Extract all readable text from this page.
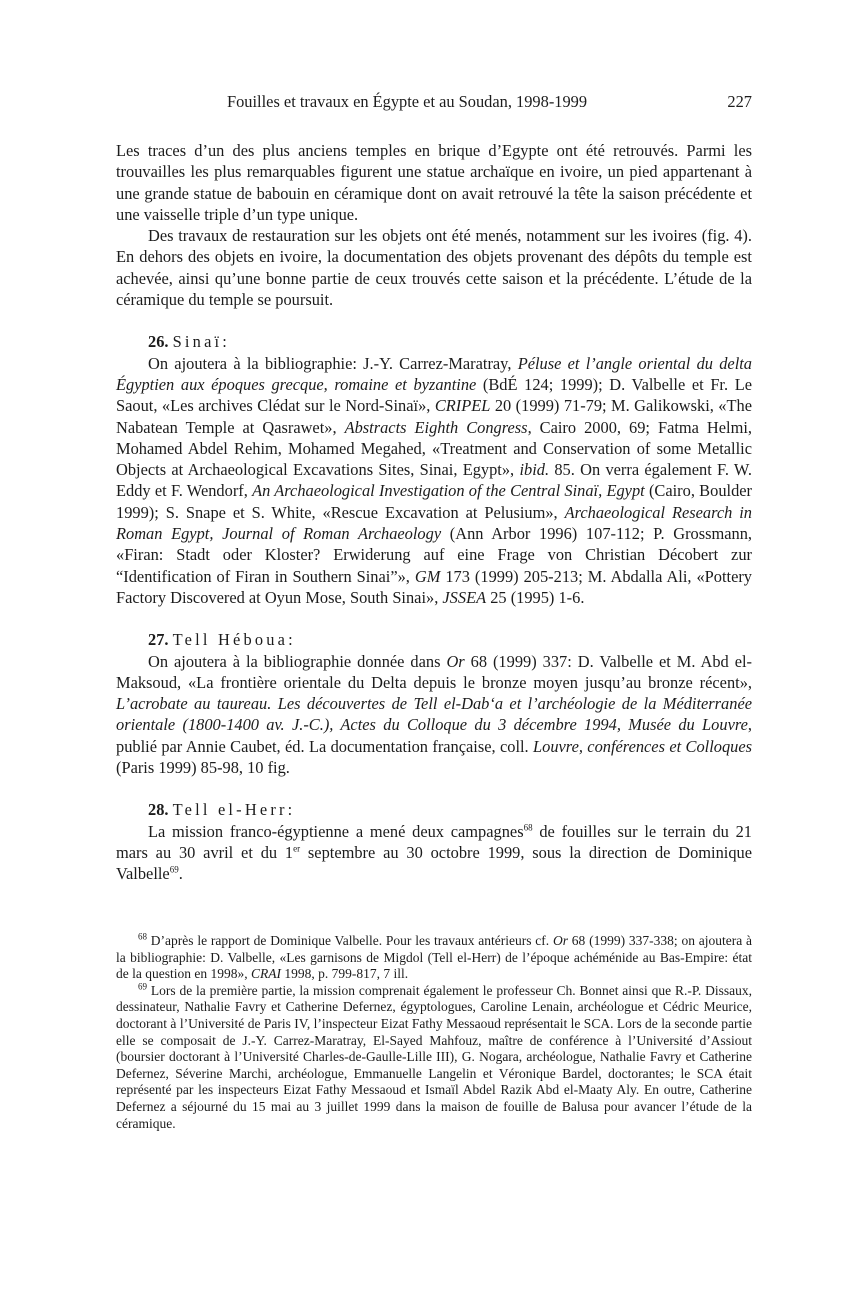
Fouilles et travaux en Égypte et au Soudan, 1998-1999	227

Les traces d’un des plus anciens temples en brique d’Egypte ont été retrouvés. Parmi les trouvailles les plus remarquables figurent une statue archaïque en ivoire, un pied appartenant à une grande statue de babouin en céramique dont on avait retrouvé la tête la saison précédente et une vaisselle triple d’un type unique.

Des travaux de restauration sur les objets ont été menés, notamment sur les ivoires (fig. 4). En dehors des objets en ivoire, la documentation des objets provenant des dépôts du temple est achevée, ainsi qu’une bonne partie de ceux trouvés cette saison et la précédente. L’étude de la céramique du temple se poursuit.

26. Sinaï:

On ajoutera à la bibliographie: J.-Y. Carrez-Maratray, Péluse et l’angle oriental du delta Égyptien aux époques grecque, romaine et byzantine (BdÉ 124; 1999); D. Valbelle et Fr. Le Saout, «Les archives Clédat sur le Nord-Sinaï», CRIPEL 20 (1999) 71-79; M. Galikowski, «The Nabatean Temple at Qasrawet», Abstracts Eighth Congress, Cairo 2000, 69; Fatma Helmi, Mohamed Abdel Rehim, Mohamed Megahed, «Treatment and Conservation of some Metallic Objects at Archaeological Excavations Sites, Sinai, Egypt», ibid. 85. On verra également F. W. Eddy et F. Wendorf, An Archaeological Investigation of the Central Sinaï, Egypt (Cairo, Boulder 1999); S. Snape et S. White, «Rescue Excavation at Pelusium», Archaeological Research in Roman Egypt, Journal of Roman Archaeology (Ann Arbor 1996) 107-112; P. Grossmann, «Firan: Stadt oder Kloster? Erwiderung auf eine Frage von Christian Décobert zur “Identification of Firan in Southern Sinai”», GM 173 (1999) 205-213; M. Abdalla Ali, «Pottery Factory Discovered at Oyun Mose, South Sinai», JSSEA 25 (1995) 1-6.

27. Tell Héboua:

On ajoutera à la bibliographie donnée dans Or 68 (1999) 337: D. Valbelle et M. Abd el-Maksoud, «La frontière orientale du Delta depuis le bronze moyen jusqu’au bronze récent», L’acrobate au taureau. Les découvertes de Tell el-Dab‘a et l’archéologie de la Méditerranée orientale (1800-1400 av. J.-C.), Actes du Colloque du 3 décembre 1994, Musée du Louvre, publié par Annie Caubet, éd. La documentation française, coll. Louvre, conférences et Colloques (Paris 1999) 85-98, 10 fig.

28. Tell el-Herr:

La mission franco-égyptienne a mené deux campagnes$^{68}$ de fouilles sur le terrain du 21 mars au 30 avril et du 1er septembre au 30 octobre 1999, sous la direction de Dominique Valbelle$^{69}$.

$^{68}$ D’après le rapport de Dominique Valbelle. Pour les travaux antérieurs cf. Or 68 (1999) 337-338; on ajoutera à la bibliographie: D. Valbelle, «Les garnisons de Migdol (Tell el-Herr) de l’époque achéménide au Bas-Empire: état de la question en 1998», CRAI 1998, p. 799-817, 7 ill.

$^{69}$ Lors de la première partie, la mission comprenait également le professeur Ch. Bonnet ainsi que R.-P. Dissaux, dessinateur, Nathalie Favry et Catherine Defernez, égyptologues, Caroline Lenain, archéologue et Cédric Meurice, doctorant à l’Université de Paris IV, l’inspecteur Eizat Fathy Messaoud représentait le SCA. Lors de la seconde partie elle se composait de J.-Y. Carrez-Maratray, El-Sayed Mahfouz, maître de conférence à l’Université d’Assiout (boursier doctorant à l’Université Charles-de-Gaulle-Lille III), G. Nogara, archéologue, Nathalie Favry et Catherine Defernez, Séverine Marchi, archéologue, Emmanuelle Langelin et Véronique Bardel, doctorantes; le SCA était représenté par les inspecteurs Eizat Fathy Messaoud et Ismaïl Abdel Razik Abd el-Maaty Aly. En outre, Catherine Defernez a séjourné du 15 mai au 3 juillet 1999 dans la maison de fouille de Balusa pour avancer l’étude de la céramique.
